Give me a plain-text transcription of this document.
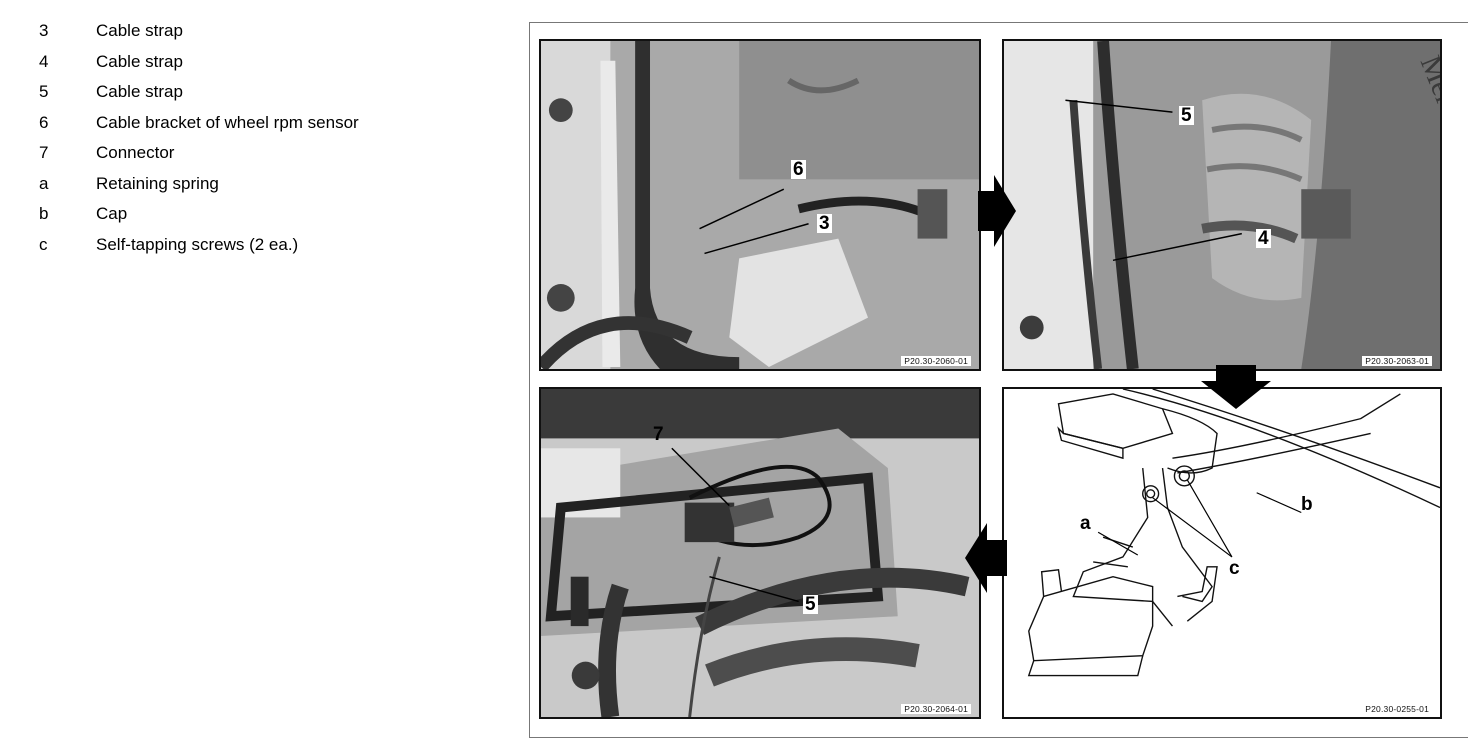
3	Cable strap
4	Cable strap
5	Cable strap
6	Cable bracket of wheel rpm sensor
7	Connector
a	Retaining spring
b	Cap
c	Self-tapping screws (2 ea.)
6
3
P20.30-2060-01
5
4
P20.30-2063-01
7
5
P20.30-2064-01
a
b
c
P20.30-0255-01
